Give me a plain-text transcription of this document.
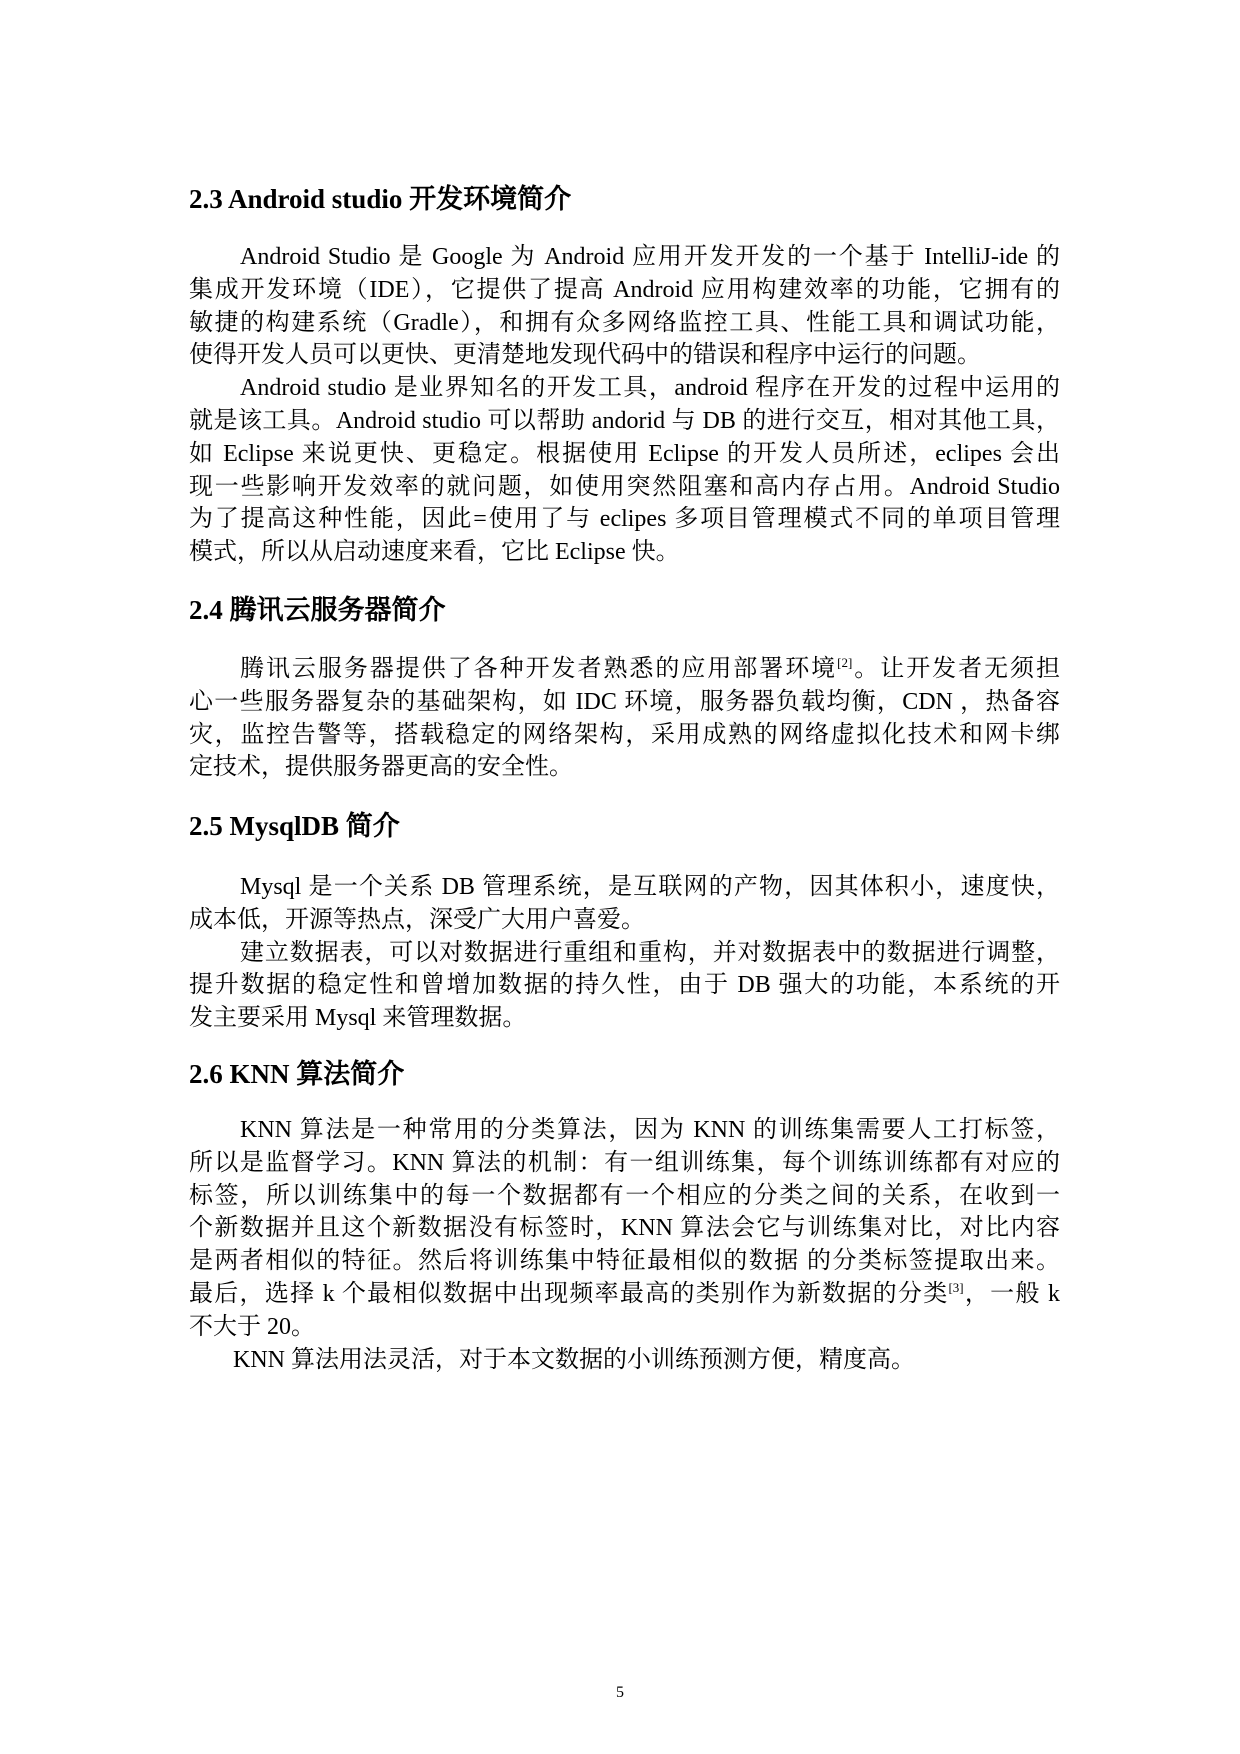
2.3 Android studio 开发环境简介
Android Studio 是 Google 为 Android 应用开发开发的一个基于 IntelliJ-ide 的
集成开发环境（IDE），它提供了提高 Android 应用构建效率的功能，它拥有的
敏捷的构建系统（Gradle），和拥有众多网络监控工具、性能工具和调试功能，
使得开发人员可以更快、更清楚地发现代码中的错误和程序中运行的问题。
Android studio 是业界知名的开发工具，android 程序在开发的过程中运用的
就是该工具。Android studio 可以帮助 andorid 与 DB 的进行交互，相对其他工具，
如 Eclipse 来说更快、更稳定。根据使用 Eclipse 的开发人员所述，eclipes 会出
现一些影响开发效率的就问题，如使用突然阻塞和高内存占用。Android Studio
为了提高这种性能，因此=使用了与 eclipes 多项目管理模式不同的单项目管理
模式，所以从启动速度来看，它比 Eclipse 快。
2.4 腾讯云服务器简介
腾讯云服务器提供了各种开发者熟悉的应用部署环境[2]。让开发者无须担
心一些服务器复杂的基础架构，如 IDC 环境，服务器负载均衡，CDN ，热备容
灾，监控告警等，搭载稳定的网络架构，采用成熟的网络虚拟化技术和网卡绑
定技术，提供服务器更高的安全性。
2.5 MysqlDB 简介
Mysql 是一个关系 DB 管理系统，是互联网的产物，因其体积小，速度快，
成本低，开源等热点，深受广大用户喜爱。
建立数据表，可以对数据进行重组和重构，并对数据表中的数据进行调整，
提升数据的稳定性和曾增加数据的持久性，由于 DB 强大的功能，本系统的开
发主要采用 Mysql 来管理数据。
2.6 KNN 算法简介
KNN 算法是一种常用的分类算法，因为 KNN 的训练集需要人工打标签，
所以是监督学习。KNN 算法的机制：有一组训练集，每个训练训练都有对应的
标签，所以训练集中的每一个数据都有一个相应的分类之间的关系，在收到一
个新数据并且这个新数据没有标签时，KNN 算法会它与训练集对比，对比内容
是两者相似的特征。然后将训练集中特征最相似的数据 的分类标签提取出来。
最后，选择 k 个最相似数据中出现频率最高的类别作为新数据的分类[3]，一般 k
不大于 20。
KNN 算法用法灵活，对于本文数据的小训练预测方便，精度高。
5
